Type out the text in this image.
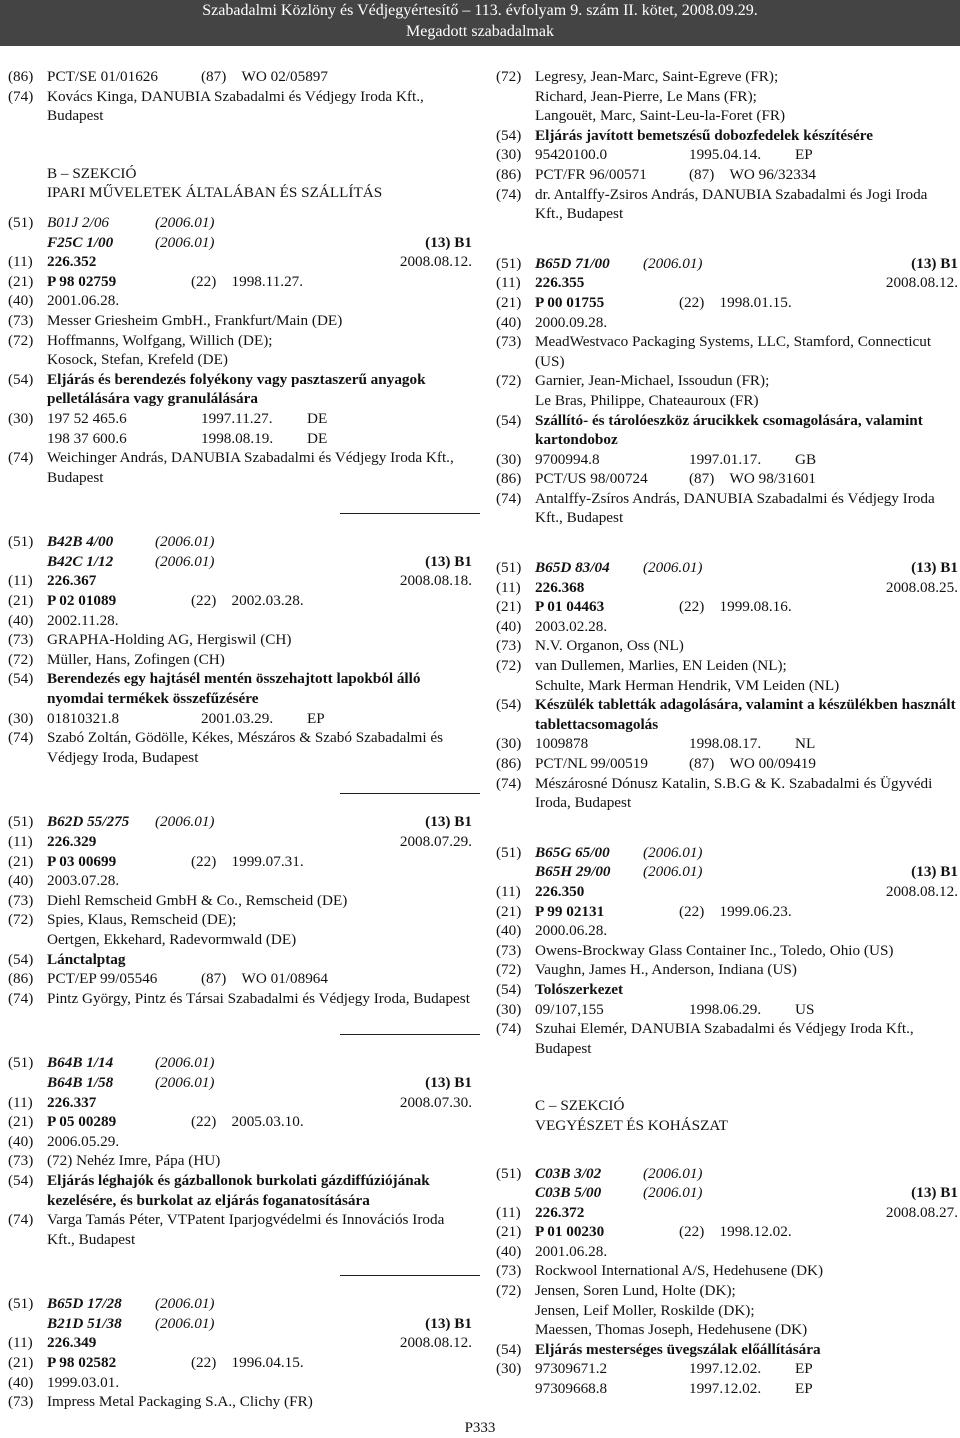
Szabadalmi Közlöny és Védjegyértesítő – 113. évfolyam 9. szám II. kötet, 2008.09.29.
Megadott szabadalmak
(86) PCT/SE 01/01626	(87) WO 02/05897
(74) Kovács Kinga, DANUBIA Szabadalmi és Védjegy Iroda Kft., Budapest
B – SZEKCIÓ
IPARI MŰVELETEK ÁLTALÁBAN ÉS SZÁLLÍTÁS
(51) B01J 2/06	(2006.01)
F25C 1/00	(2006.01)	(13) B1
(11) 226.352	2008.08.12.
(21) P 98 02759	(22) 1998.11.27.
(40) 2001.06.28.
(73) Messer Griesheim GmbH., Frankfurt/Main (DE)
(72) Hoffmanns, Wolfgang, Willich (DE);
Kosock, Stefan, Krefeld (DE)
(54) Eljárás és berendezés folyékony vagy pasztaszerű anyagok pelletálására vagy granulálására
(30) 197 52 465.6	1997.11.27. DE
198 37 600.6	1998.08.19. DE
(74) Weichinger András, DANUBIA Szabadalmi és Védjegy Iroda Kft., Budapest
(51) B42B 4/00	(2006.01)
B42C 1/12	(2006.01)	(13) B1
(11) 226.367	2008.08.18.
(21) P 02 01089	(22) 2002.03.28.
(40) 2002.11.28.
(73) GRAPHA-Holding AG, Hergiswil (CH)
(72) Müller, Hans, Zofingen (CH)
(54) Berendezés egy hajtásél mentén összehajtott lapokból álló nyomdai termékek összefűzésére
(30) 01810321.8	2001.03.29. EP
(74) Szabó Zoltán, Gödölle, Kékes, Mészáros & Szabó Szabadalmi és Védjegy Iroda, Budapest
(51) B62D 55/275 (2006.01)	(13) B1
(11) 226.329	2008.07.29.
(21) P 03 00699	(22) 1999.07.31.
(40) 2003.07.28.
(73) Diehl Remscheid GmbH & Co., Remscheid (DE)
(72) Spies, Klaus, Remscheid (DE);
Oertgen, Ekkehard, Radevormwald (DE)
(54) Lánctalptag
(86) PCT/EP 99/05546	(87) WO 01/08964
(74) Pintz György, Pintz és Társai Szabadalmi és Védjegy Iroda, Budapest
(51) B64B 1/14	(2006.01)
B64B 1/58	(2006.01)	(13) B1
(11) 226.337	2008.07.30.
(21) P 05 00289	(22) 2005.03.10.
(40) 2006.05.29.
(73) (72) Nehéz Imre, Pápa (HU)
(54) Eljárás léghajók és gázballonok burkolati gázdiffúziójának kezelésére, és burkolat az eljárás foganatosítására
(74) Varga Tamás Péter, VTPatent Iparjogvédelmi és Innovációs Iroda Kft., Budapest
(51) B65D 17/28 (2006.01)
B21D 51/38 (2006.01)	(13) B1
(11) 226.349	2008.08.12.
(21) P 98 02582	(22) 1996.04.15.
(40) 1999.03.01.
(73) Impress Metal Packaging S.A., Clichy (FR)
(72) Legresy, Jean-Marc, Saint-Egreve (FR);
Richard, Jean-Pierre, Le Mans (FR);
Langouët, Marc, Saint-Leu-la-Foret (FR)
(54) Eljárás javított bemetszésű dobozfedelek készítésére
(30) 95420100.0	1995.04.14. EP
(86) PCT/FR 96/00571	(87) WO 96/32334
(74) dr. Antalffy-Zsiros András, DANUBIA Szabadalmi és Jogi Iroda Kft., Budapest
(51) B65D 71/00 (2006.01)	(13) B1
(11) 226.355	2008.08.12.
(21) P 00 01755	(22) 1998.01.15.
(40) 2000.09.28.
(73) MeadWestvaco Packaging Systems, LLC, Stamford, Connecticut (US)
(72) Garnier, Jean-Michael, Issoudun (FR);
Le Bras, Philippe, Chateauroux (FR)
(54) Szállító- és tárolóeszköz árucikkek csomagolására, valamint kartondoboz
(30) 9700994.8	1997.01.17. GB
(86) PCT/US 98/00724	(87) WO 98/31601
(74) Antalffy-Zsíros András, DANUBIA Szabadalmi és Védjegy Iroda Kft., Budapest
(51) B65D 83/04 (2006.01)	(13) B1
(11) 226.368	2008.08.25.
(21) P 01 04463	(22) 1999.08.16.
(40) 2003.02.28.
(73) N.V. Organon, Oss (NL)
(72) van Dullemen, Marlies, EN Leiden (NL);
Schulte, Mark Herman Hendrik, VM Leiden (NL)
(54) Készülék tabletták adagolására, valamint a készülékben használt tablettacsomagolás
(30) 1009878	1998.08.17. NL
(86) PCT/NL 99/00519	(87) WO 00/09419
(74) Mészárosné Dónusz Katalin, S.B.G & K. Szabadalmi és Ügyvédi Iroda, Budapest
(51) B65G 65/00 (2006.01)
B65H 29/00 (2006.01)	(13) B1
(11) 226.350	2008.08.12.
(21) P 99 02131	(22) 1999.06.23.
(40) 2000.06.28.
(73) Owens-Brockway Glass Container Inc., Toledo, Ohio (US)
(72) Vaughn, James H., Anderson, Indiana (US)
(54) Tolószerkezet
(30) 09/107,155	1998.06.29. US
(74) Szuhai Elemér, DANUBIA Szabadalmi és Védjegy Iroda Kft., Budapest
C – SZEKCIÓ
VEGYÉSZET ÉS KOHÁSZAT
(51) C03B 3/02	(2006.01)
C03B 5/00	(2006.01)	(13) B1
(11) 226.372	2008.08.27.
(21) P 01 00230	(22) 1998.12.02.
(40) 2001.06.28.
(73) Rockwool International A/S, Hedehusene (DK)
(72) Jensen, Soren Lund, Holte (DK);
Jensen, Leif Moller, Roskilde (DK);
Maessen, Thomas Joseph, Hedehusene (DK)
(54) Eljárás mesterséges üvegszálak előállítására
(30) 97309671.2	1997.12.02. EP
97309668.8	1997.12.02. EP
P333
